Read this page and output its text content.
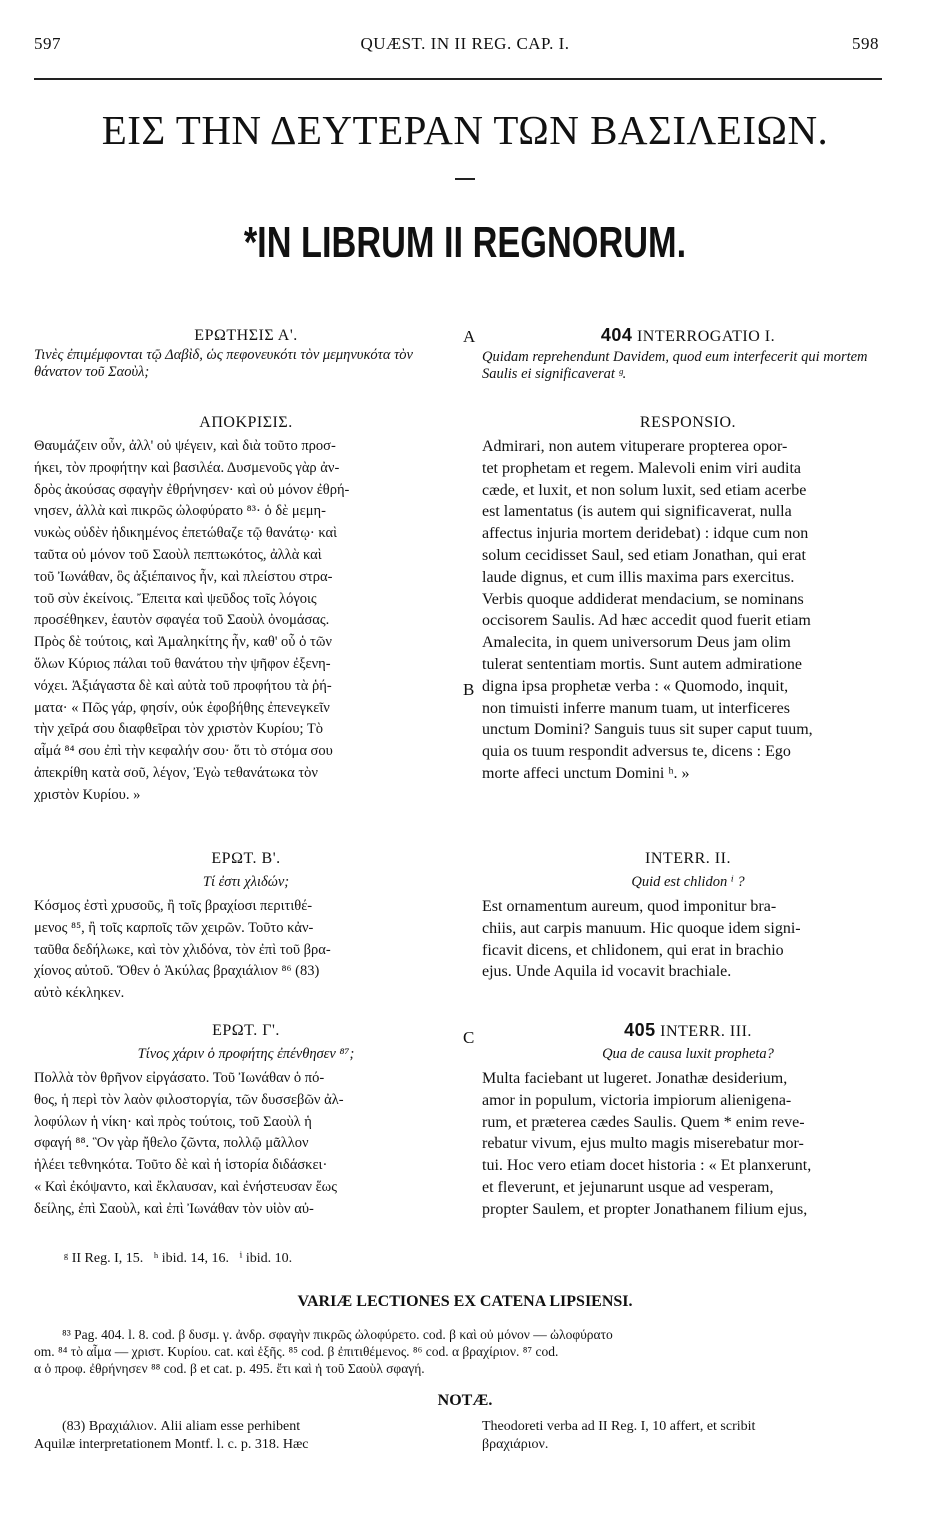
597	QUÆST. IN II REG. CAP. I.	598
ΕΙΣ ΤΗΝ ΔΕΥΤΕΡΑΝ ΤΩΝ ΒΑΣΙΛΕΙΩΝ.
*IN LIBRUM II REGNORUM.
A
B
C
ΕΡΩΤΗΣΙΣ Α'.
Τινὲς ἐπιμέμφονται τῷ Δαβὶδ, ὡς πεφονευκότι τὸν μεμηνυκότα τὸν θάνατον τοῦ Σαοὺλ;
ΑΠΟΚΡΙΣΙΣ.
Θαυμάζειν οὖν, ἀλλ' οὐ ψέγειν, καὶ διὰ τοῦτο προσ-
ήκει, τὸν προφήτην καὶ βασιλέα. Δυσμενοῦς γὰρ ἀν-
δρὸς ἀκούσας σφαγὴν ἐθρήνησεν· καὶ οὐ μόνον ἐθρή-
νησεν, ἀλλὰ καὶ πικρῶς ὠλοφύρατο ⁸³· ὁ δὲ μεμη-
νυκὼς οὐδὲν ἠδικημένος ἐπετώθαζε τῷ θανάτῳ· καὶ
ταῦτα οὐ μόνον τοῦ Σαοὺλ πεπτωκότος, ἀλλὰ καὶ
τοῦ Ἰωνάθαν, ὃς ἀξιέπαινος ἦν, καὶ πλείστου στρα-
τοῦ σὺν ἐκείνοις. Ἔπειτα καὶ ψεῦδος τοῖς λόγοις
προσέθηκεν, ἑαυτὸν σφαγέα τοῦ Σαοὺλ ὀνομάσας.
Πρὸς δὲ τούτοις, καὶ Ἀμαληκίτης ἦν, καθ' οὗ ὁ τῶν
ὅλων Κύριος πάλαι τοῦ θανάτου τὴν ψῆφον ἐξενη-
νόχει. Ἀξιάγαστα δὲ καὶ αὐτὰ τοῦ προφήτου τὰ ῥή-
ματα· « Πῶς γάρ, φησίν, οὐκ ἐφοβήθης ἐπενεγκεῖν
τὴν χεῖρά σου διαφθεῖραι τὸν χριστὸν Κυρίου; Τὸ
αἷμά ⁸⁴ σου ἐπὶ τὴν κεφαλήν σου· ὅτι τὸ στόμα σου
ἀπεκρίθη κατὰ σοῦ, λέγον, Ἐγὼ τεθανάτωκα τὸν
χριστὸν Κυρίου. »
404 INTERROGATIO I.
Quidam reprehendunt Davidem, quod eum interfecerit qui mortem Saulis ei significaverat ᵍ.
RESPONSIO.
Admirari, non autem vituperare propterea opor-
tet prophetam et regem. Malevoli enim viri audita
cæde, et luxit, et non solum luxit, sed etiam acerbe
est lamentatus (is autem qui significaverat, nulla
affectus injuria mortem deridebat) : idque cum non
solum cecidisset Saul, sed etiam Jonathan, qui erat
laude dignus, et cum illis maxima pars exercitus.
Verbis quoque addiderat mendacium, se nominans
occisorem Saulis. Ad hæc accedit quod fuerit etiam
Amalecita, in quem universorum Deus jam olim
tulerat sententiam mortis. Sunt autem admiratione
digna ipsa prophetæ verba : « Quomodo, inquit,
non timuisti inferre manum tuam, ut interficeres
unctum Domini? Sanguis tuus sit super caput tuum,
quia os tuum respondit adversus te, dicens : Ego
morte affeci unctum Domini ʰ. »
ΕΡΩΤ. Β'.
Τί ἐστι χλιδών;
Κόσμος ἐστὶ χρυσοῦς, ἢ τοῖς βραχίοσι περιτιθέ-
μενος ⁸⁵, ἢ τοῖς καρποῖς τῶν χειρῶν. Τοῦτο κἀν-
ταῦθα δεδήλωκε, καὶ τὸν χλιδόνα, τὸν ἐπὶ τοῦ βρα-
χίονος αὐτοῦ. Ὅθεν ὁ Ἀκύλας βραχιάλιον ⁸⁶ (83)
αὐτὸ κέκληκεν.
INTERR. II.
Quid est chlidon ⁱ ?
Est ornamentum aureum, quod imponitur bra-
chiis, aut carpis manuum. Hic quoque idem signi-
ficavit dicens, et chlidonem, qui erat in brachio
ejus. Unde Aquila id vocavit brachiale.
ΕΡΩΤ. Γ'.
Τίνος χάριν ὁ προφήτης ἐπένθησεν ⁸⁷;
Πολλὰ τὸν θρῆνον εἰργάσατο. Τοῦ Ἰωνάθαν ὁ πό-
θος, ἡ περὶ τὸν λαὸν φιλοστοργία, τῶν δυσσεβῶν ἀλ-
λοφύλων ἡ νίκη· καὶ πρὸς τούτοις, τοῦ Σαοὺλ ἡ
σφαγή ⁸⁸. Ὃν γὰρ ἤθελο ζῶντα, πολλῷ μᾶλλον
ἠλέει τεθνηκότα. Τοῦτο δὲ καὶ ἡ ἱστορία διδάσκει·
« Καὶ ἐκόψαντο, καὶ ἔκλαυσαν, καὶ ἐνήστευσαν ἕως
δείλης, ἐπὶ Σαοὺλ, καὶ ἐπὶ Ἰωνάθαν τὸν υἱὸν αὐ-
405 INTERR. III.
Qua de causa luxit propheta?
Multa faciebant ut lugeret. Jonathæ desiderium,
amor in populum, victoria impiorum alienigena-
rum, et præterea cædes Saulis. Quem * enim reve-
rebatur vivum, ejus multo magis miserebatur mor-
tui. Hoc vero etiam docet historia : « Et planxerunt,
et fleverunt, et jejunarunt usque ad vesperam,
propter Saulem, et propter Jonathanem filium ejus,
ᵍ II Reg. I, 15.   ʰ ibid. 14, 16.   ⁱ ibid. 10.
VARIÆ LECTIONES EX CATENA LIPSIENSI.
⁸³ Pag. 404. l. 8. cod. β δυσμ. γ. ἀνδρ. σφαγὴν πικρῶς ὠλοφύρετο. cod. β καὶ οὐ μόνον — ὠλοφύρατο
om. ⁸⁴ τὸ αἷμα — χριστ. Κυρίου. cat. καὶ ἑξῆς. ⁸⁵ cod. β ἐπιτιθέμενος. ⁸⁶ cod. α βραχίριον. ⁸⁷ cod.
α ὁ προφ. ἐθρήνησεν ⁸⁸ cod. β et cat. p. 495. ἔτι καὶ ἡ τοῦ Σαοὺλ σφαγή.
NOTÆ.
(83) Βραχιάλιον. Alii aliam esse perhibent
Aquilæ interpretationem Montf. l. c. p. 318. Hæc
Theodoreti verba ad II Reg. I, 10 affert, et scribit
βραχιάριον.
